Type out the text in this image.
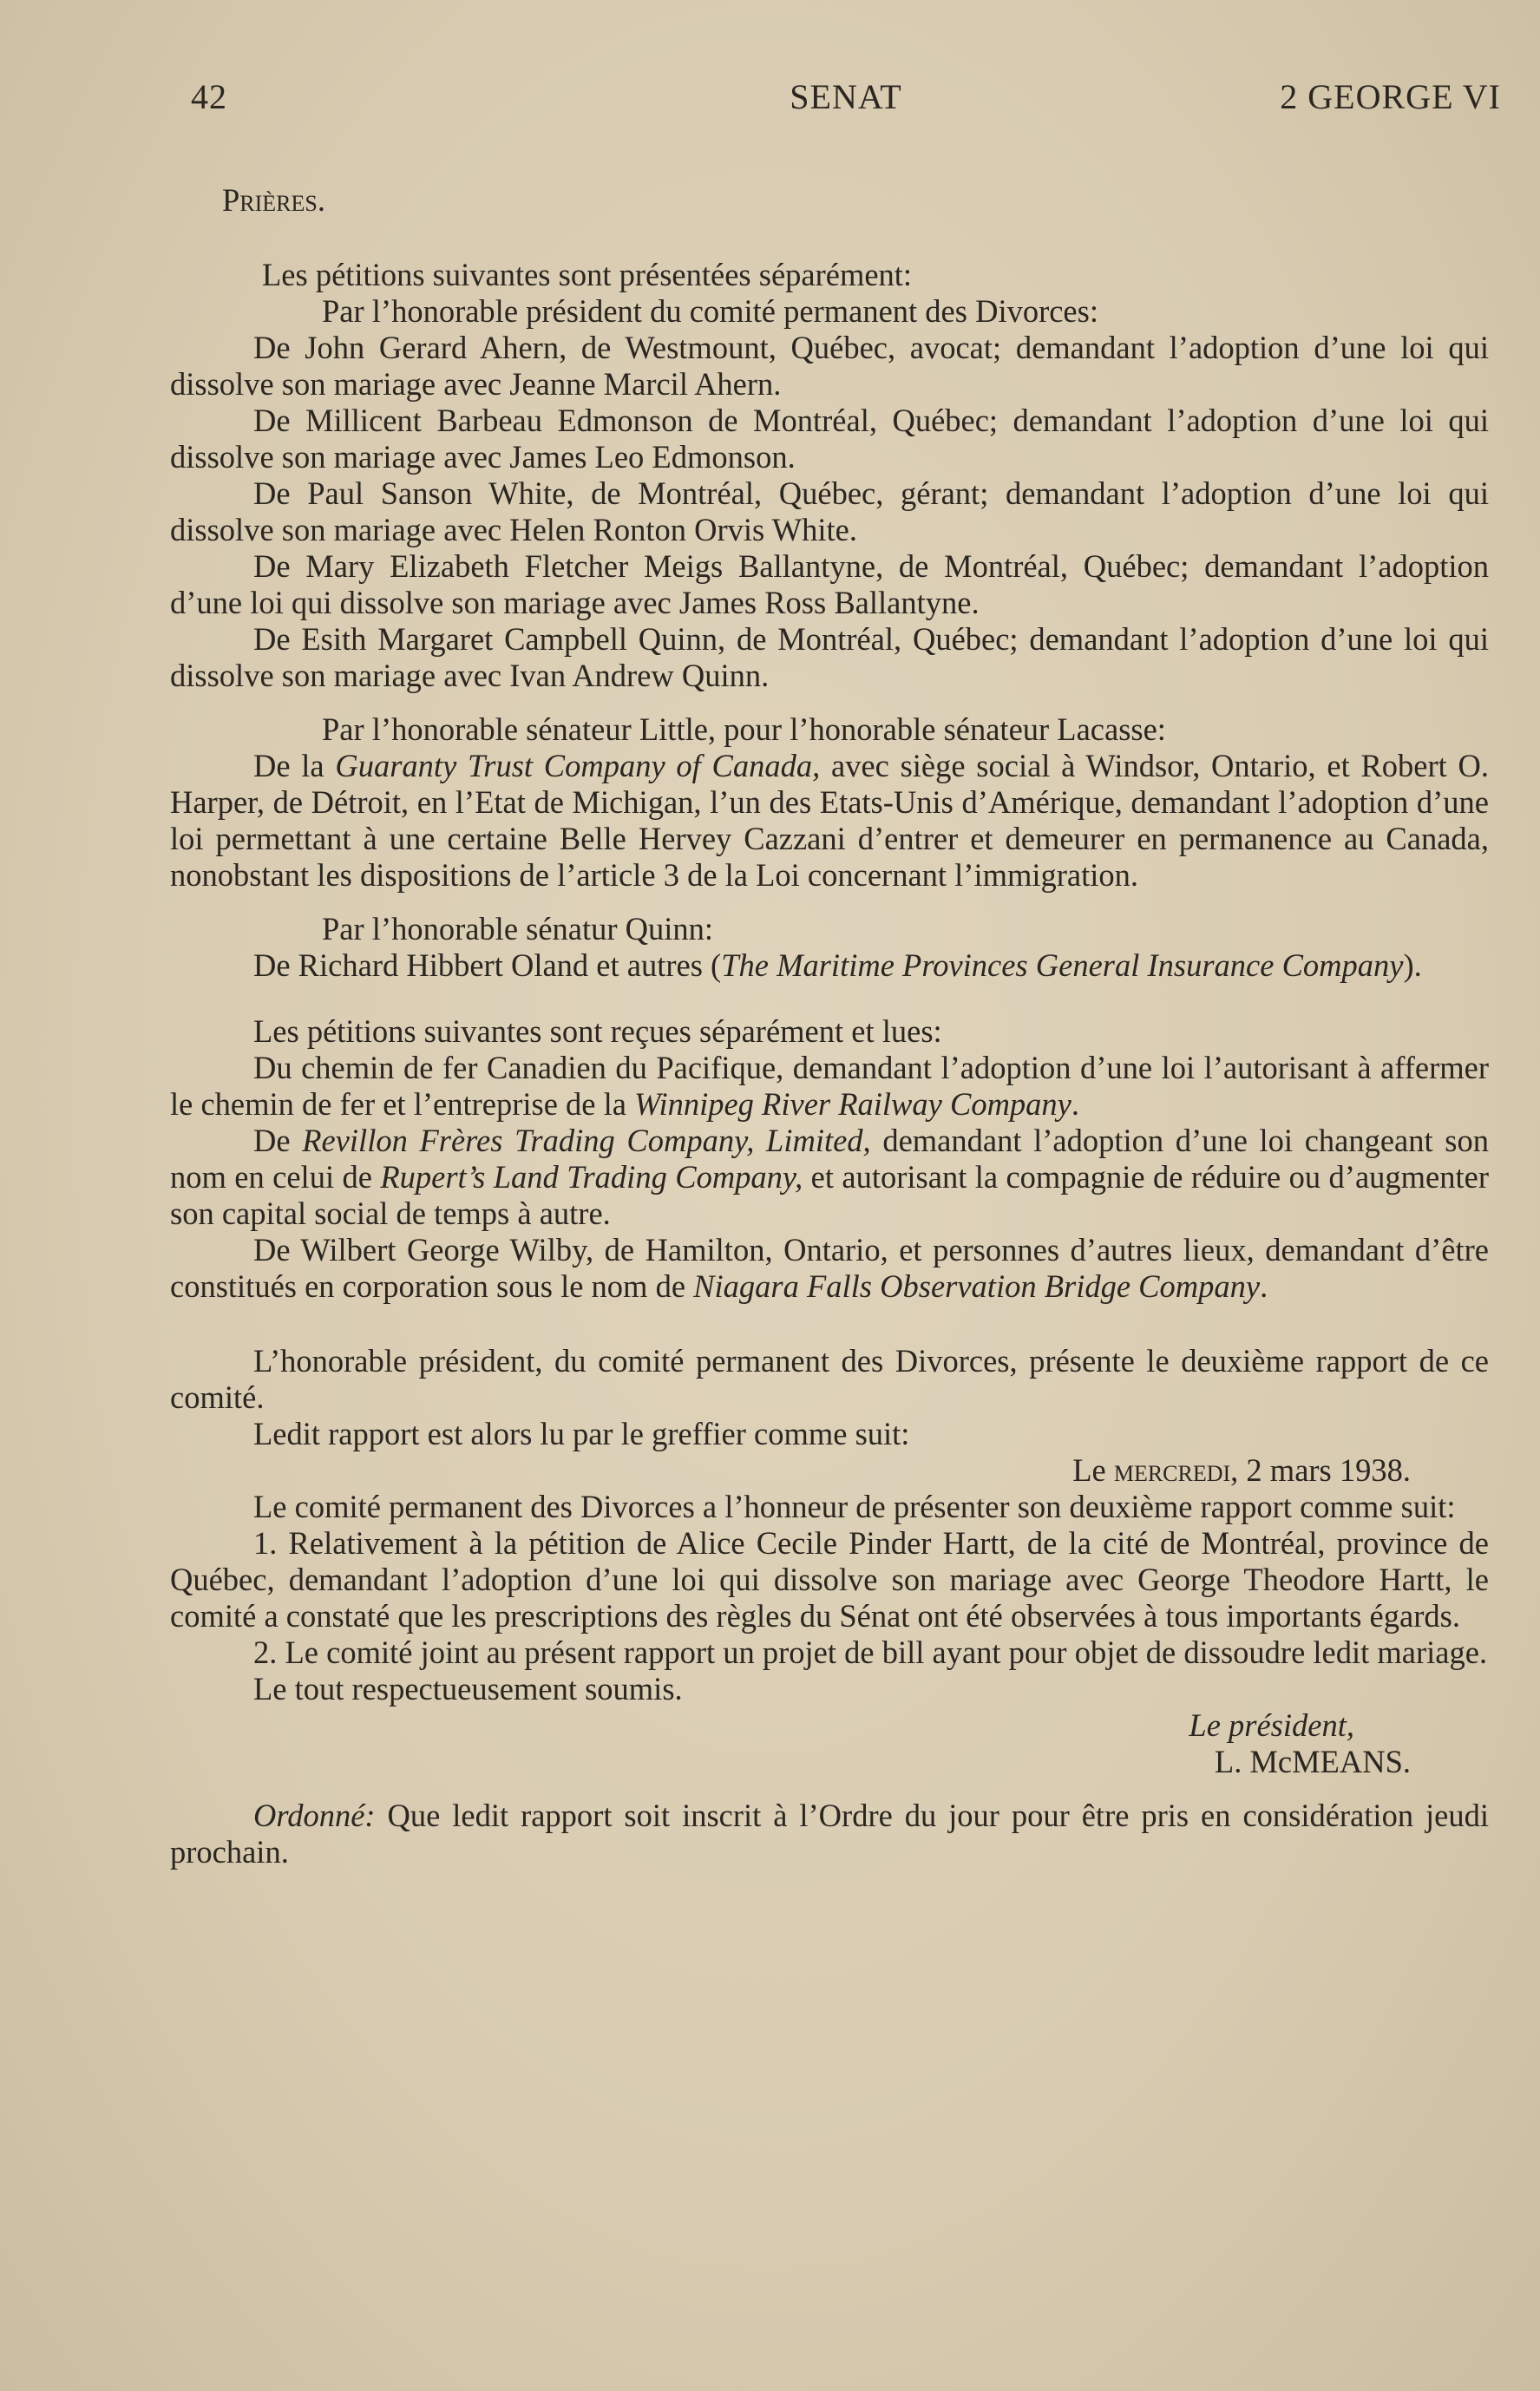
SENAT
42	2 GEORGE VI

Prières.

Les pétitions suivantes sont présentées séparément:

Par l’honorable président du comité permanent des Divorces:

De John Gerard Ahern, de Westmount, Québec, avocat; demandant l’adoption d’une loi qui dissolve son mariage avec Jeanne Marcil Ahern.

De Millicent Barbeau Edmonson de Montréal, Québec; demandant l’adoption d’une loi qui dissolve son mariage avec James Leo Edmonson.

De Paul Sanson White, de Montréal, Québec, gérant; demandant l’adoption d’une loi qui dissolve son mariage avec Helen Ronton Orvis White.

De Mary Elizabeth Fletcher Meigs Ballantyne, de Montréal, Québec; demandant l’adoption d’une loi qui dissolve son mariage avec James Ross Ballantyne.

De Esith Margaret Campbell Quinn, de Montréal, Québec; demandant l’adoption d’une loi qui dissolve son mariage avec Ivan Andrew Quinn.

Par l’honorable sénateur Little, pour l’honorable sénateur Lacasse:

De la Guaranty Trust Company of Canada, avec siège social à Windsor, Ontario, et Robert O. Harper, de Détroit, en l’Etat de Michigan, l’un des Etats-Unis d’Amérique, demandant l’adoption d’une loi permettant à une certaine Belle Hervey Cazzani d’entrer et demeurer en permanence au Canada, nonobstant les dispositions de l’article 3 de la Loi concernant l’immigration.

Par l’honorable sénatur Quinn:

De Richard Hibbert Oland et autres (The Maritime Provinces General Insurance Company).

Les pétitions suivantes sont reçues séparément et lues:

Du chemin de fer Canadien du Pacifique, demandant l’adoption d’une loi l’autorisant à affermer le chemin de fer et l’entreprise de la Winnipeg River Railway Company.

De Revillon Frères Trading Company, Limited, demandant l’adoption d’une loi changeant son nom en celui de Rupert’s Land Trading Company, et autorisant la compagnie de réduire ou d’augmenter son capital social de temps à autre.

De Wilbert George Wilby, de Hamilton, Ontario, et personnes d’autres lieux, demandant d’être constitués en corporation sous le nom de Niagara Falls Observation Bridge Company.

L’honorable président, du comité permanent des Divorces, présente le deuxième rapport de ce comité.

Ledit rapport est alors lu par le greffier comme suit:

Le mercredi, 2 mars 1938.

Le comité permanent des Divorces a l’honneur de présenter son deuxième rapport comme suit:

1. Relativement à la pétition de Alice Cecile Pinder Hartt, de la cité de Montréal, province de Québec, demandant l’adoption d’une loi qui dissolve son mariage avec George Theodore Hartt, le comité a constaté que les prescriptions des règles du Sénat ont été observées à tous importants égards.

2. Le comité joint au présent rapport un projet de bill ayant pour objet de dissoudre ledit mariage.

Le tout respectueusement soumis.

Le président,

L. McMEANS.

Ordonné: Que ledit rapport soit inscrit à l’Ordre du jour pour être pris en considération jeudi prochain.
